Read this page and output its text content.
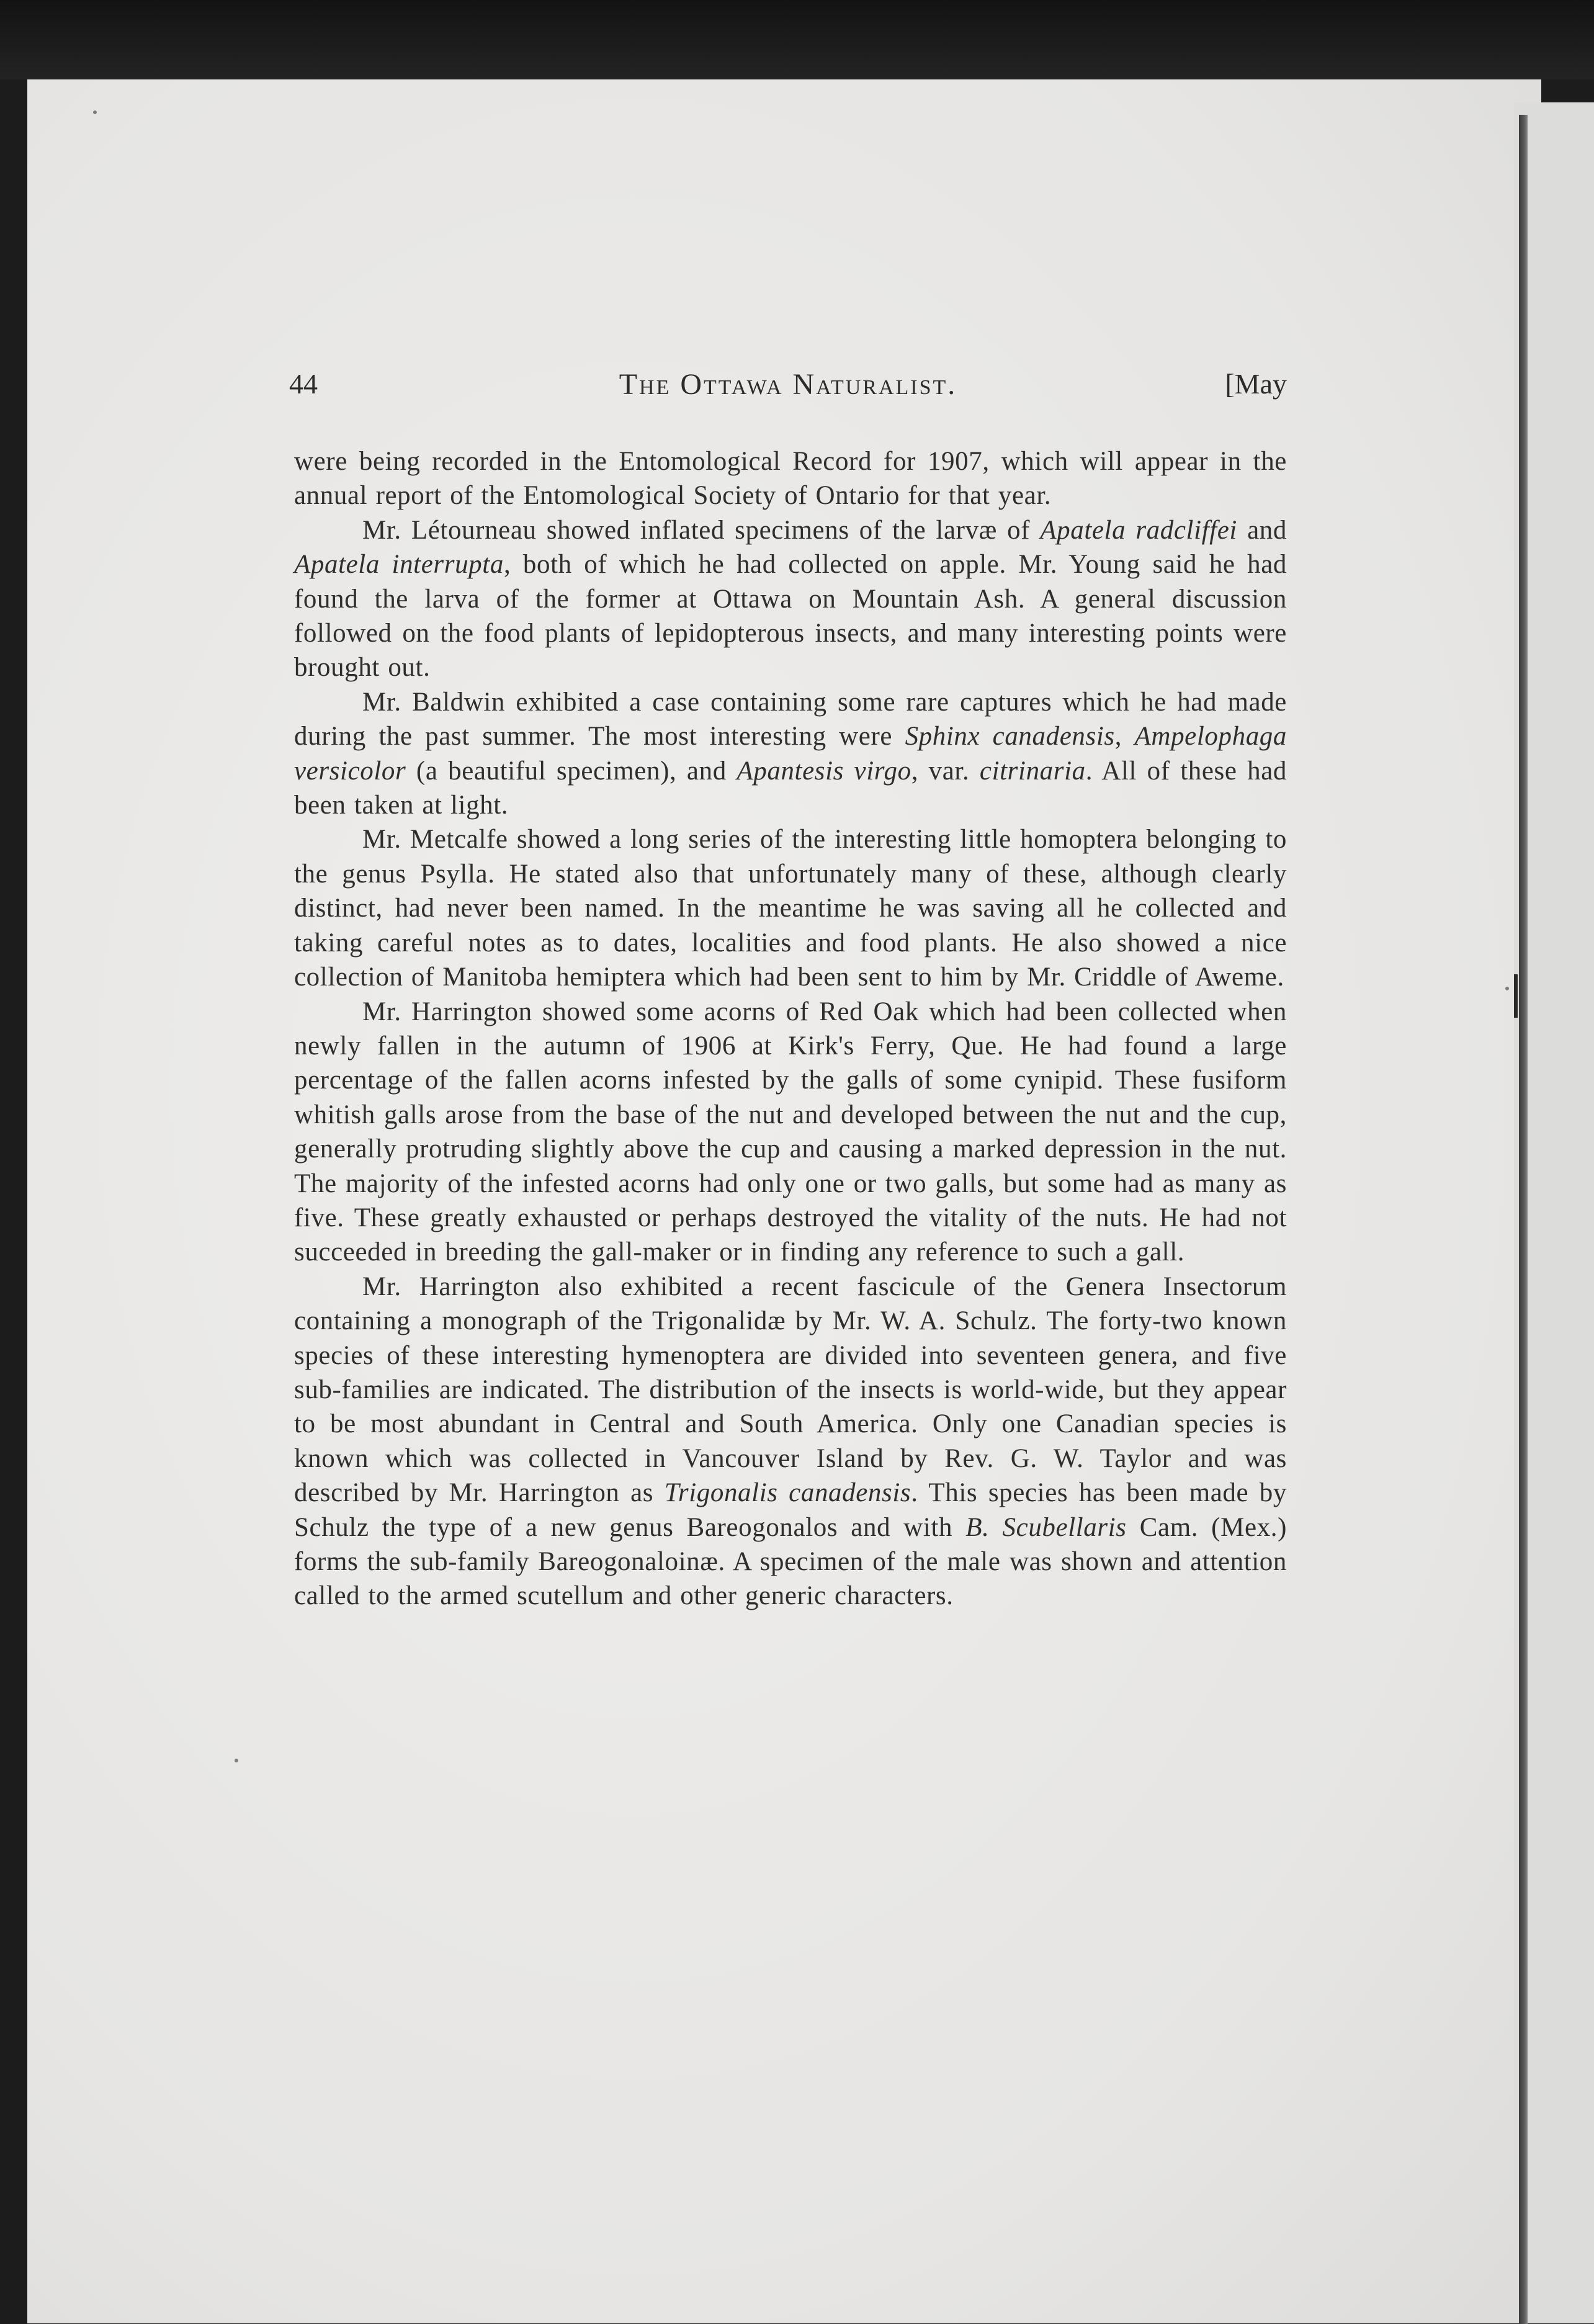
44	The Ottawa Naturalist.	[May

were being recorded in the Entomological Record for 1907, which will appear in the annual report of the Entomological Society of Ontario for that year.

Mr. Létourneau showed inflated specimens of the larvæ of Apatela radcliffei and Apatela interrupta, both of which he had collected on apple. Mr. Young said he had found the larva of the former at Ottawa on Mountain Ash. A general discussion followed on the food plants of lepidopterous insects, and many interesting points were brought out.

Mr. Baldwin exhibited a case containing some rare captures which he had made during the past summer. The most interesting were Sphinx canadensis, Ampelophaga versicolor (a beautiful specimen), and Apantesis virgo, var. citrinaria. All of these had been taken at light.

Mr. Metcalfe showed a long series of the interesting little homoptera belonging to the genus Psylla. He stated also that unfortunately many of these, although clearly distinct, had never been named. In the meantime he was saving all he collected and taking careful notes as to dates, localities and food plants. He also showed a nice collection of Manitoba hemiptera which had been sent to him by Mr. Criddle of Aweme.

Mr. Harrington showed some acorns of Red Oak which had been collected when newly fallen in the autumn of 1906 at Kirk's Ferry, Que. He had found a large percentage of the fallen acorns infested by the galls of some cynipid. These fusiform whitish galls arose from the base of the nut and developed between the nut and the cup, generally protruding slightly above the cup and causing a marked depression in the nut. The majority of the infested acorns had only one or two galls, but some had as many as five. These greatly exhausted or perhaps destroyed the vitality of the nuts. He had not succeeded in breeding the gall-maker or in finding any reference to such a gall.

Mr. Harrington also exhibited a recent fascicule of the Genera Insectorum containing a monograph of the Trigonalidæ by Mr. W. A. Schulz. The forty-two known species of these interesting hymenoptera are divided into seventeen genera, and five sub-families are indicated. The distribution of the insects is world-wide, but they appear to be most abundant in Central and South America. Only one Canadian species is known which was collected in Vancouver Island by Rev. G. W. Taylor and was described by Mr. Harrington as Trigonalis canadensis. This species has been made by Schulz the type of a new genus Bareogonalos and with B. Scubellaris Cam. (Mex.) forms the sub-family Bareogonaloinæ. A specimen of the male was shown and attention called to the armed scutellum and other generic characters.
